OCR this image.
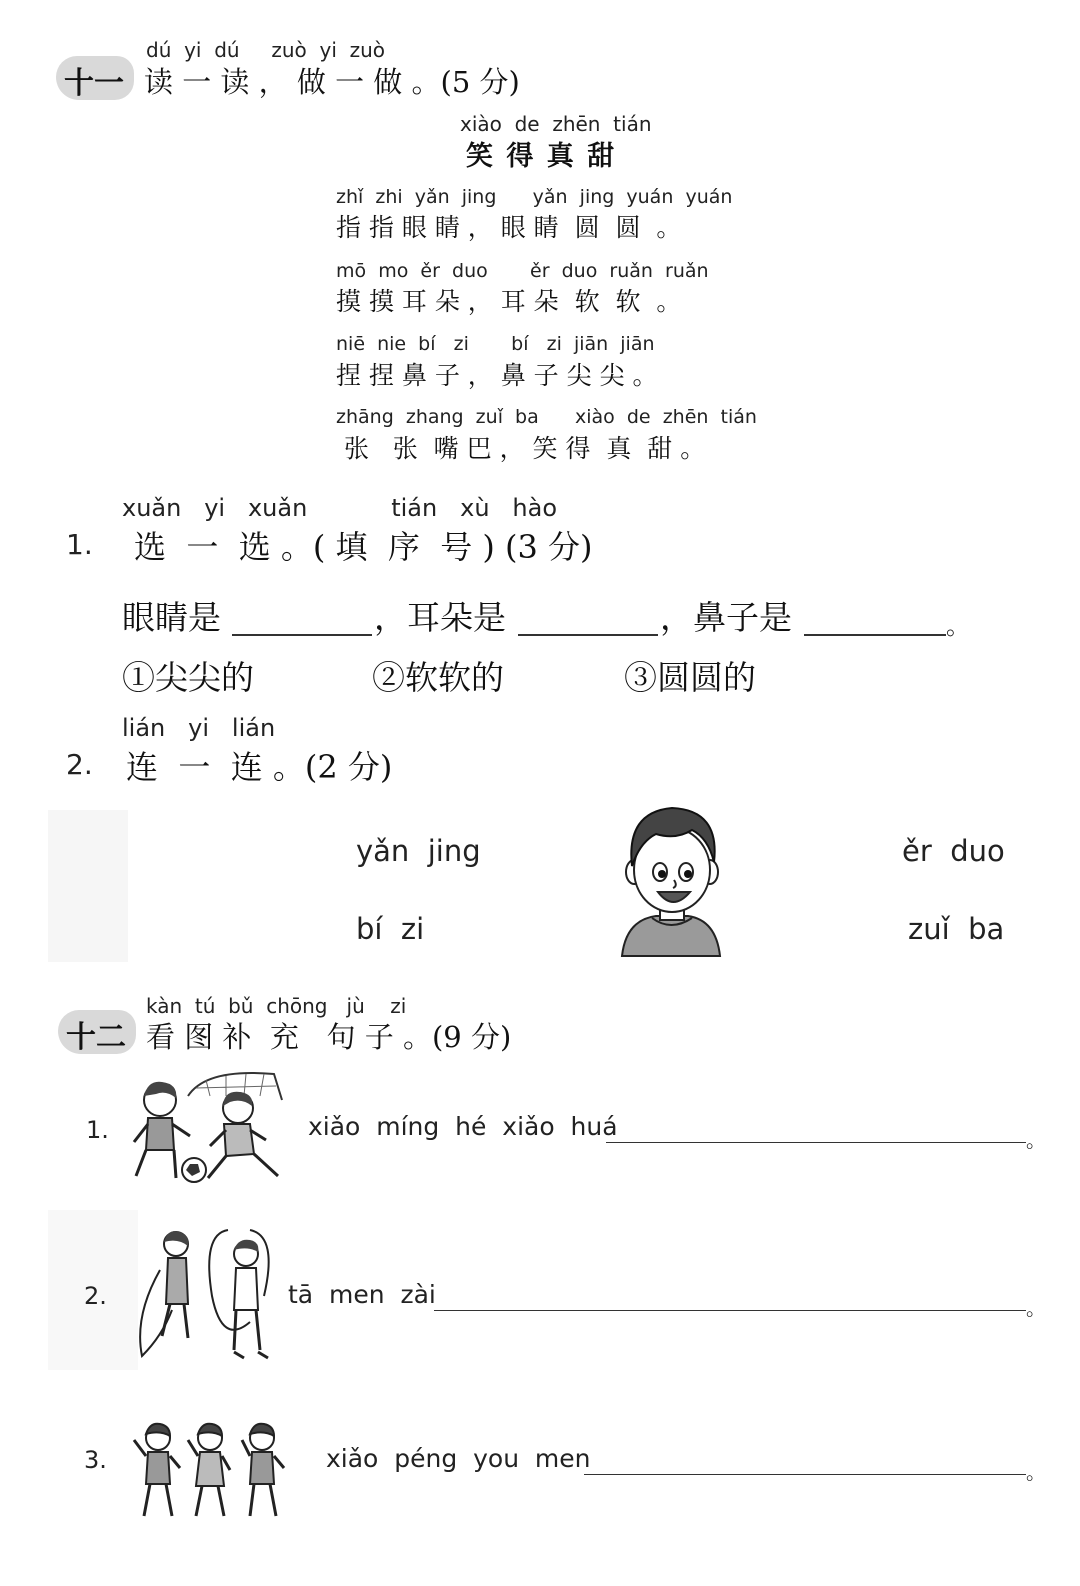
十一
dú  yi  dú     zuò  yi  zuò
读 一 读 ， 做 一 做 。(5 分)
xiào  de  zhēn  tián
笑 得 真 甜
zhǐ  zhi  yǎn  jing      yǎn  jing  yuán  yuán
指 指 眼 睛 ， 眼 睛  圆  圆  。
mō  mo  ěr  duo       ěr  duo  ruǎn  ruǎn
摸 摸 耳 朵 ， 耳 朵  软  软  。
niē  nie  bí   zi       bí   zi  jiān  jiān
捏 捏 鼻 子 ， 鼻 子 尖 尖 。
zhāng  zhang  zuǐ  ba      xiào  de  zhēn  tián
张   张  嘴 巴 ， 笑 得  真  甜 。
xuǎn   yi   xuǎn           tián   xù   hào
1. 选  一  选 。( 填  序  号 ) (3 分)
眼睛是	，耳朵是	，鼻子是	。
①尖尖的	②软软的	③圆圆的
lián   yi   lián
2. 连  一  连 。(2 分)
yǎn  jing
bí  zi
ěr  duo
zuǐ  ba
十二
kàn  tú  bǔ  chōng   jù    zi
看 图 补  充   句 子 。(9 分)
1.	xiǎo  míng  hé  xiǎo  huá	。
2.	tā  men  zài	。
3.	xiǎo  péng  you  men	。
